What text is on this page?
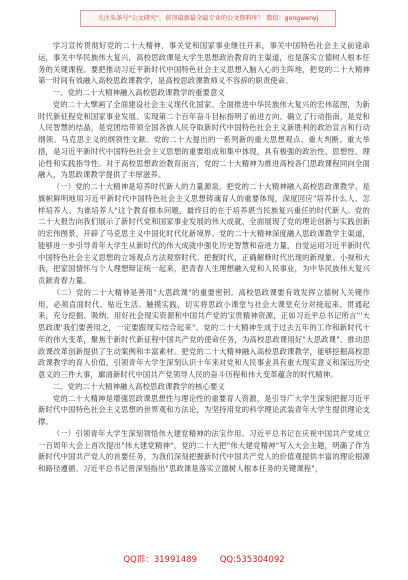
关注头条号"公文研究"，获得最新最全最专业的公文资料库！ 微信：gongwenyj

学习宣传贯彻好党的二十大精神，事关党和国家事业继往开来，事关中国特色社会主义前途命运，事关中华民族伟大复兴，高校思政课是大学生思想政治教育的主渠道，也是落实立德树人根本任务的关键课程。要把推动习近平新时代中国特色社会主义思想入脑入心的主阵地，把党的二十大精神第一时间有效融入高校思政课教学，是高校思政课教师义不容辞的职责使命。

一、党的二十大精神融入高校思政课教学的重要意义

党的二十大擘画了全面建设社会主义现代化国家、全面推进中华民族伟大复兴的宏伟蓝图，为新时代新征程党和国家事业发展、实现第二个百年奋斗目标指明了前进方向、确立了行动指南，是党和人民智慧的结晶，是党团结带领全国各族人民夺取新时代中国特色社会主义新胜利的政治宣言和行动纲领。马克思主义的纲领性文献。党的二十大提出的一系列新的重大思想观点、重大判断、重大举措，是习近平新时代中国特色社会主义思想的重要组成和集中体现，具有极强的政治性、思想性、理论性和实践指导性。对于高校思想政治教育而言，党的二十大精神为推进高校各门思政课程同向全面融入，为思政课教学提供了丰厚滋养。

（一）党的二十大精神是培养时代新人的力量源泉。把党的二十大精神融入高校思政课教学，是旗帜鲜明地用习近平新时代中国特色社会主义思想铸魂育人的重要体现，深度回应"培养什么人、怎样培养人、为谁培养人"这个教育根本问题，最终目的在于培养堪当民族复兴重任的时代新人。党的二十大报告向我们展示了新时代党和国家事业发展的伟大成就、全面展现了党的理论创新与实践创新的宏伟图景，开辟了马克思主义中国化时代化新境界。党的二十大精神深度融入思政课教学主渠道，能够进一步引导青年大学生从新时代的伟大成就中强化历史智慧和奋进力量，自觉运用习近平新时代中国特色社会主义思想的立场观点方法观察时代、把握时代，正确解释时代出现的新现象、小视和大我，把家国情怀与个人理想辩证统一起来，把青春人生理想融入党和人民事业，为中华民族伟大复兴贡献青春力量。

（二）党的二十大精神是善用"大思政课"的重要密钥。高校思政课要有效发挥立德树人关键作用，必须直面时代、贴近生活、触摸实践，切实将思政小课堂与社会大课堂充分对接起来、贯通起来，充分挖掘、吸纳、用好社会现实资源和中国共产党的宝贵精神资源，正如习近平总书记所言"'大思政课'我们要善用之，一定要跟现实结合起来"。党的二十大精神生成于过去五年的工作和新时代十年的伟大变革，聚焦于新时代新征程中国共产党的使命任务，为高校思政课用好"大思政课"、推动思政课改革创新提供了生动案例和丰富素材。把党的二十大精神融入高校思政课教学，能够挖掘高校思政课教学的育人价值，引领青年大学生深刻认识十年来对党和人民事业具有重大现实意义和深远历史意义的三件大事，廓清新时代中国共产党领导人民的奋斗历程和伟大变革蕴含的时代精神。

二、党的二十大精神融入高校思政课教学的核心要义

党的二十大精神是增强思政课思想性与理论性的重要育人资源，是引导广大学生深刻把握习近平新时代中国特色社会主义思想的世界观和方法论，为坚持用党的科学理论武装青年大学生提供理论支撑。

（一）引领青年大学生深刻领悟伟大建党精神的法宝作用。习近平总书记在庆祝中国共产党成立一百周年大会上首次提出"伟大建党精神"，党的二十大把"伟大建党精神"写入大会主题，明确了作为新时代中国共产党人的首要任务，为我们深刻把握新时代中国共产党人的价值观提供丰富的理论根源和路径遵循。习近平总书记曾深刻指出"思政课是落实立德树人根本任务的关键课程"，

QQ群：31991489	QQ:535304092
